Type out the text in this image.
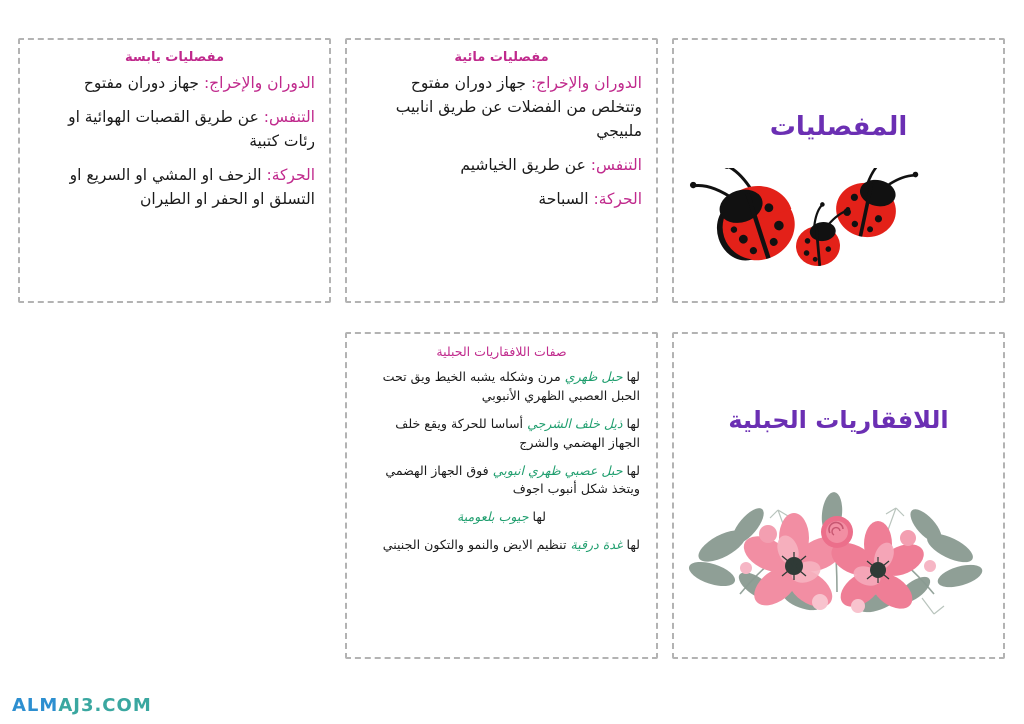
مفصليات يابسة

الدوران والإخراج: جهاز دوران مفتوح

التنفس: عن طريق القصبات الهوائية او رئات كتبية

الحركة: الزحف او المشي او السريع او التسلق او الحفر او الطيران

مفصليات مائية

الدوران والإخراج: جهاز دوران مفتوح وتتخلص من الفضلات عن طريق انابيب ملبيجي

التنفس: عن طريق الخياشيم

الحركة: السباحة

المفصليات
صفات اللافقاريات الحبلية

لها حبل ظهري مرن وشكله يشبه الخيط ويق تحت الحبل العصبي الظهري الأنبوبي

لها ذيل خلف الشرجي أساسا للحركة ويقع خلف الجهاز الهضمي والشرج

لها حبل عصبي ظهري انبوبي فوق الجهاز الهضمي ويتخذ شكل أنبوب اجوف

لها جيوب بلعومية

لها غدة درقية تنظيم الايض والنمو والتكون الجنيني

اللافقاريات الحبلية
ALMAJ3.COM
